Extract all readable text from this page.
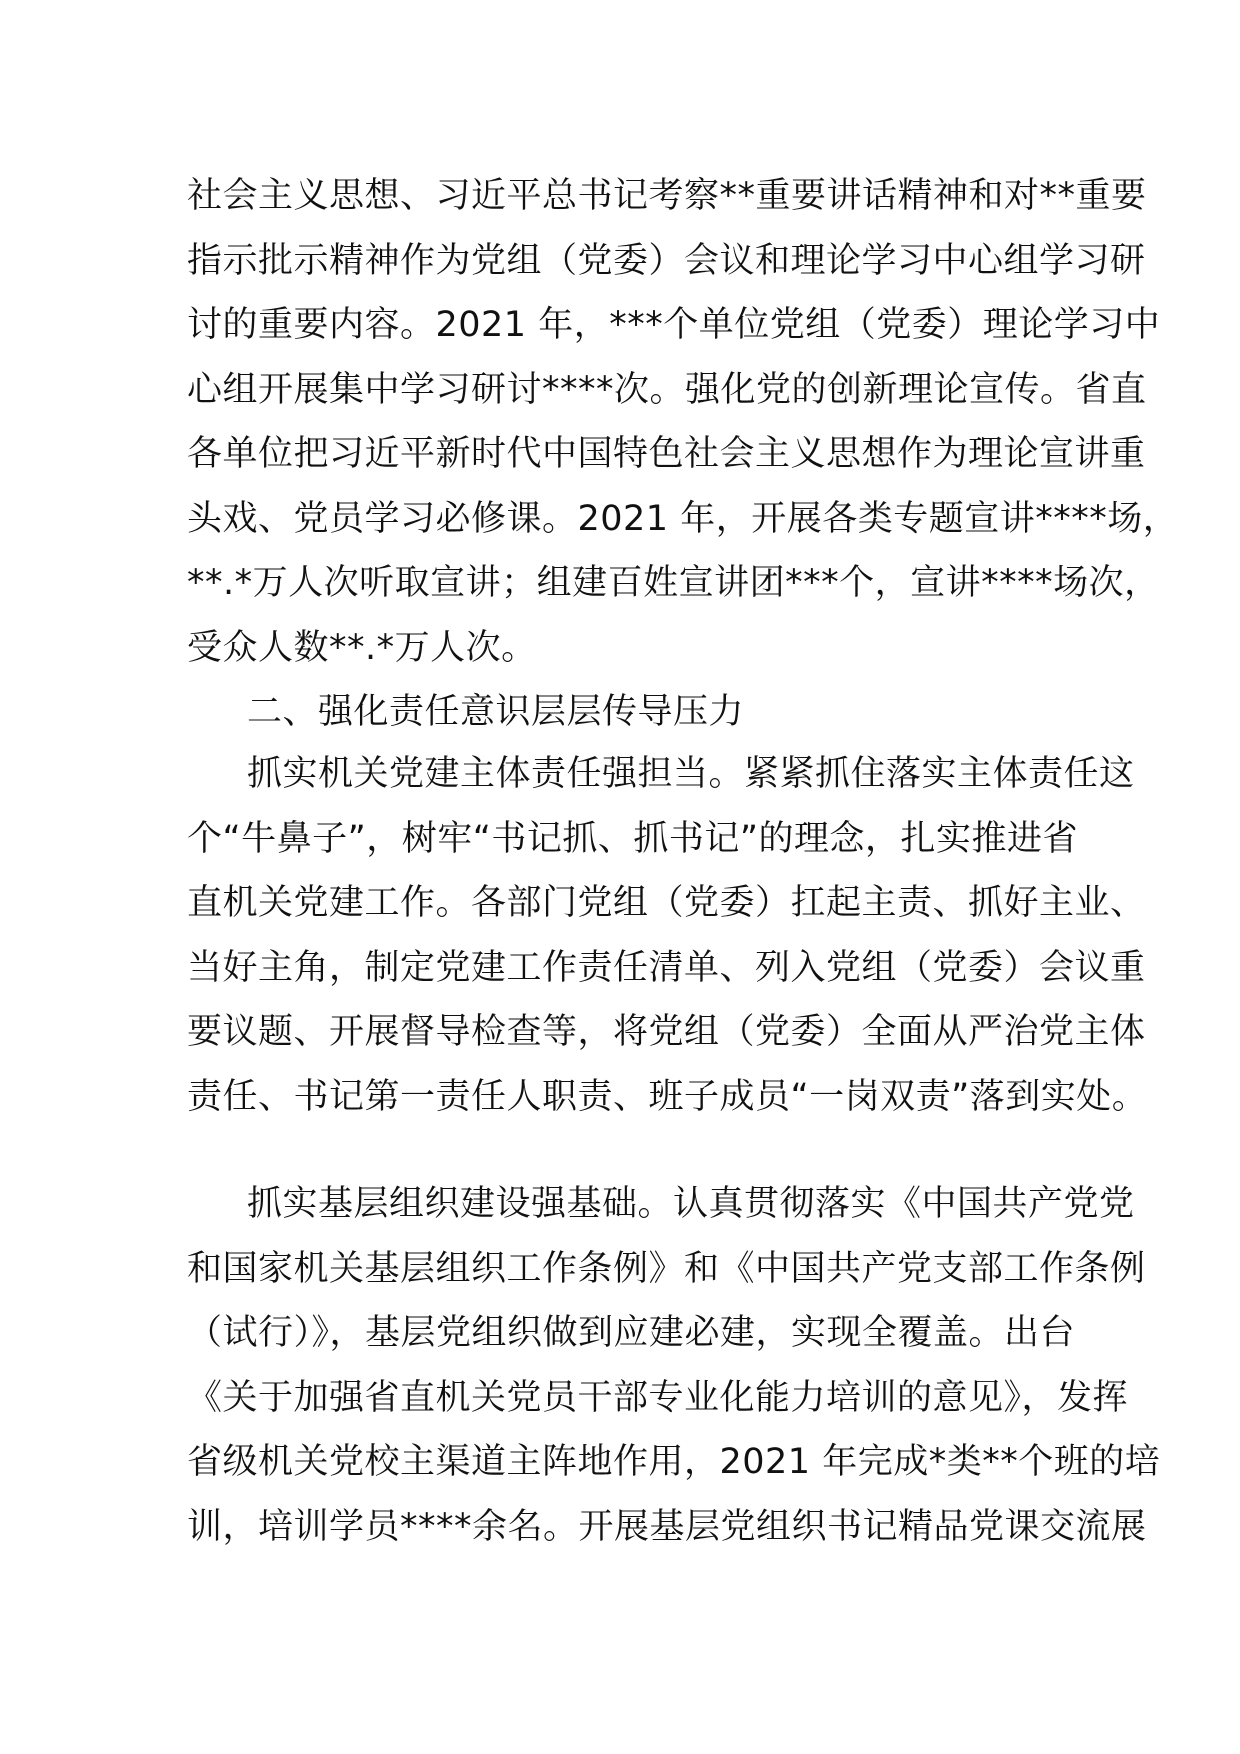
社会主义思想、习近平总书记考察**重要讲话精神和对**重要
指示批示精神作为党组（党委）会议和理论学习中心组学习研
讨的重要内容。2021 年，***个单位党组（党委）理论学习中
心组开展集中学习研讨****次。强化党的创新理论宣传。省直
各单位把习近平新时代中国特色社会主义思想作为理论宣讲重
头戏、党员学习必修课。2021 年，开展各类专题宣讲****场，
**.*万人次听取宣讲；组建百姓宣讲团***个，宣讲****场次，
受众人数**.*万人次。
二、强化责任意识层层传导压力
抓实机关党建主体责任强担当。紧紧抓住落实主体责任这
个“牛鼻子”，树牢“书记抓、抓书记”的理念，扎实推进省
直机关党建工作。各部门党组（党委）扛起主责、抓好主业、
当好主角，制定党建工作责任清单、列入党组（党委）会议重
要议题、开展督导检查等，将党组（党委）全面从严治党主体
责任、书记第一责任人职责、班子成员“一岗双责”落到实处。
抓实基层组织建设强基础。认真贯彻落实《中国共产党党
和国家机关基层组织工作条例》和《中国共产党支部工作条例
（试行）》，基层党组织做到应建必建，实现全覆盖。出台
《关于加强省直机关党员干部专业化能力培训的意见》，发挥
省级机关党校主渠道主阵地作用，2021 年完成*类**个班的培
训，培训学员****余名。开展基层党组织书记精品党课交流展
